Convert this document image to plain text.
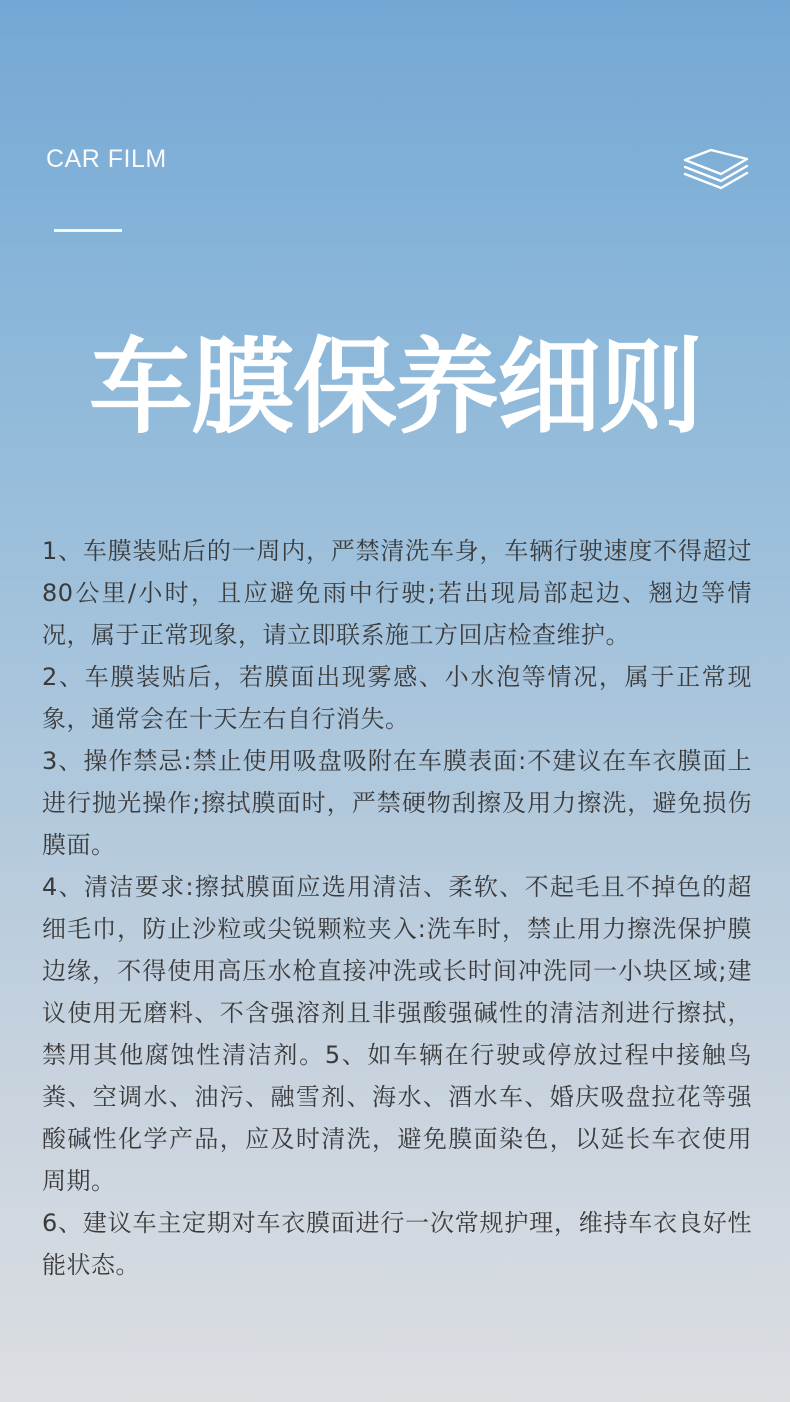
CAR FILM
车膜保养细则

1、车膜装贴后的一周内，严禁清洗车身，车辆行驶速度不得超过80公里/小时，且应避免雨中行驶;若出现局部起边、翘边等情况，属于正常现象，请立即联系施工方回店检查维护。

2、车膜装贴后，若膜面出现雾感、小水泡等情况，属于正常现象，通常会在十天左右自行消失。

3、操作禁忌:禁止使用吸盘吸附在车膜表面:不建议在车衣膜面上进行抛光操作;擦拭膜面时，严禁硬物刮擦及用力擦洗，避免损伤膜面。

4、清洁要求:擦拭膜面应选用清洁、柔软、不起毛且不掉色的超细毛巾，防止沙粒或尖锐颗粒夹入:洗车时，禁止用力擦洗保护膜边缘，不得使用高压水枪直接冲洗或长时间冲洗同一小块区域;建议使用无磨料、不含强溶剂且非强酸强碱性的清洁剂进行擦拭，禁用其他腐蚀性清洁剂。5、如车辆在行驶或停放过程中接触鸟粪、空调水、油污、融雪剂、海水、酒水车、婚庆吸盘拉花等强酸碱性化学产品，应及时清洗，避免膜面染色，以延长车衣使用周期。

6、建议车主定期对车衣膜面进行一次常规护理，维持车衣良好性能状态。
